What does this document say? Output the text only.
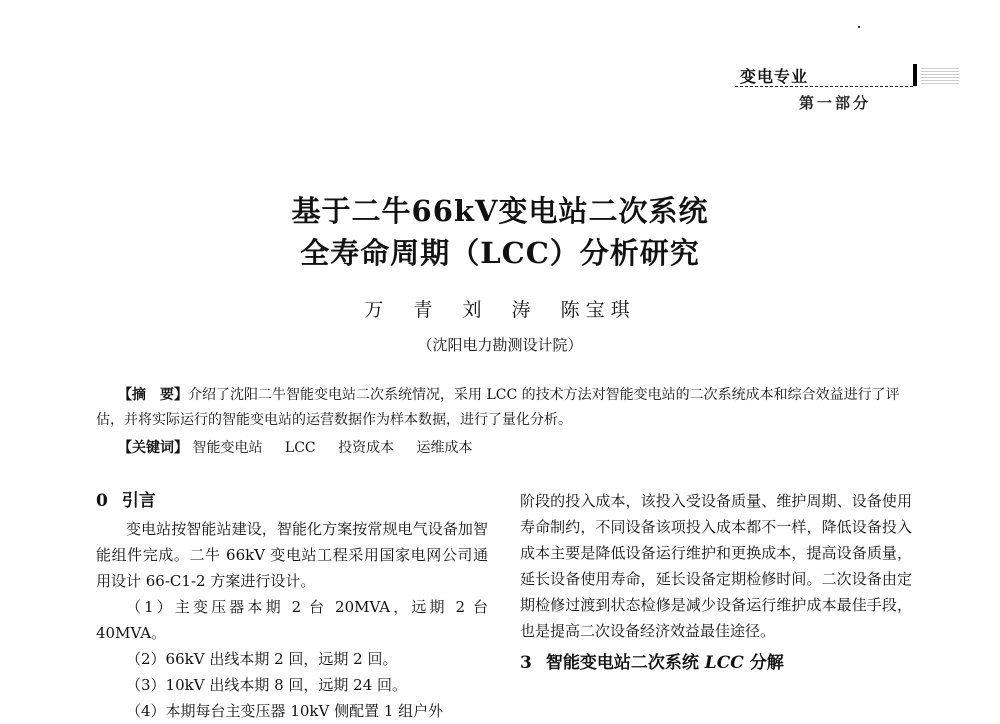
变电专业
第一部分
基于二牛66kV变电站二次系统
全寿命周期（LCC）分析研究
万 青 刘 涛 陈宝琪
（沈阳电力勘测设计院）
【摘　要】介绍了沈阳二牛智能变电站二次系统情况，采用 LCC 的技术方法对智能变电站的二次系统成本和综合效益进行了评估，并将实际运行的智能变电站的运营数据作为样本数据，进行了量化分析。
【关键词】 智能变电站 LCC 投资成本 运维成本
0 引言

变电站按智能站建设，智能化方案按常规电气设备加智能组件完成。二牛 66kV 变电站工程采用国家电网公司通用设计 66-C1-2 方案进行设计。

（1）主变压器本期 2 台 20MVA，远期 2 台 40MVA。

（2）66kV 出线本期 2 回，远期 2 回。

（3）10kV 出线本期 8 回，远期 24 回。

（4）本期每台主变压器 10kV 侧配置 1 组户外

阶段的投入成本，该投入受设备质量、维护周期、设备使用寿命制约，不同设备该项投入成本都不一样，降低设备投入成本主要是降低设备运行维护和更换成本，提高设备质量，延长设备使用寿命，延长设备定期检修时间。二次设备由定期检修过渡到状态检修是减少设备运行维护成本最佳手段，也是提高二次设备经济效益最佳途径。

3 智能变电站二次系统 LCC 分解
